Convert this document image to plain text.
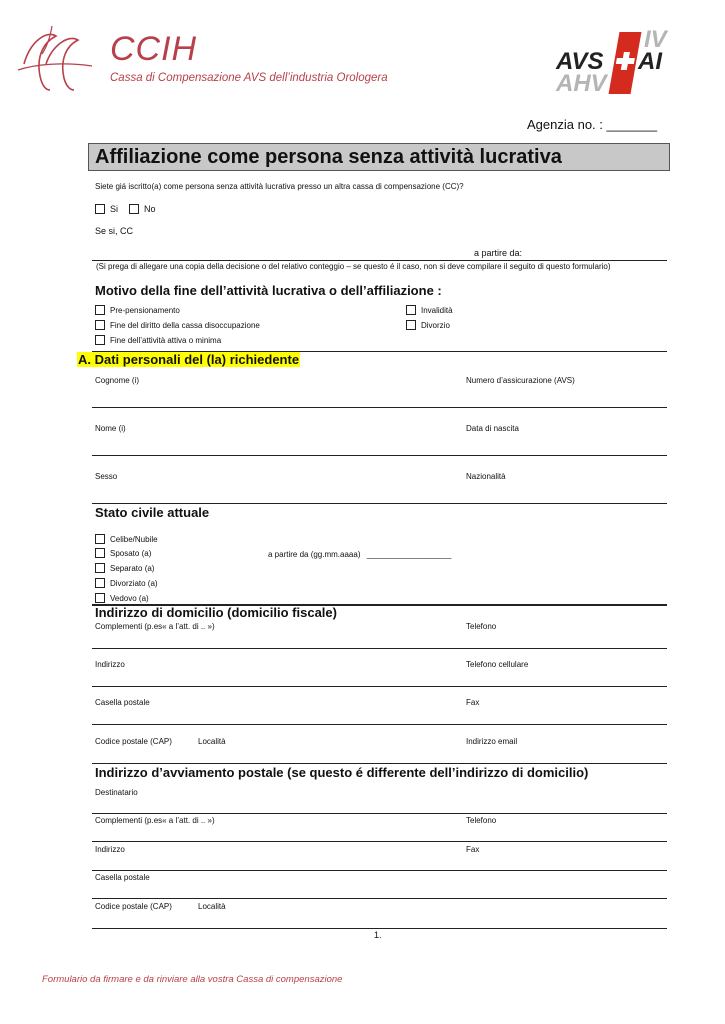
CCIH
Cassa di Compensazione AVS dell’industria Orologera
IV
AVS AI
AHV
Agenzia no. : _______
Affiliazione come persona senza attività lucrativa
Siete giá iscritto(a) come persona senza attività lucrativa presso un altra cassa di compensazione (CC)?
Si	No
Se si, CC
a partire da:
(Si prega di allegare una copia della decisione o del relativo conteggio – se questo é il caso, non si deve compilare il seguito di questo formulario)
Motivo della fine dell’attività lucrativa o dell’affiliazione :
Pre-pensionamento
Fine del diritto della cassa disoccupazione
Fine dell’attività attiva o minima
Invalidità
Divorzio
A. Dati personali del (la) richiedente
Cognome (i)	Numero d’assicurazione (AVS)
Nome (i)	Data di nascita
Sesso	Nazionalità
Stato civile attuale
Celibe/Nubile
Sposato (a)
Separato (a)
Divorziato (a)
Vedovo (a)
a partire da (gg.mm.aaaa) ___________________
Indirizzo di domicilio (domicilio fiscale)
Complementi (p.es« a l’att. di .. »)	Telefono
Indirizzo	Telefono cellulare
Casella postale	Fax
Codice postale (CAP)	Località	Indirizzo email
Indirizzo d’avviamento postale (se questo é differente dell’indirizzo di domicilio)
Destinatario
Complementi (p.es« a l’att. di .. »)	Telefono
Indirizzo	Fax
Casella postale
Codice postale (CAP)	Località
1.
Formulario da firmare e da rinviare alla vostra Cassa di compensazione
